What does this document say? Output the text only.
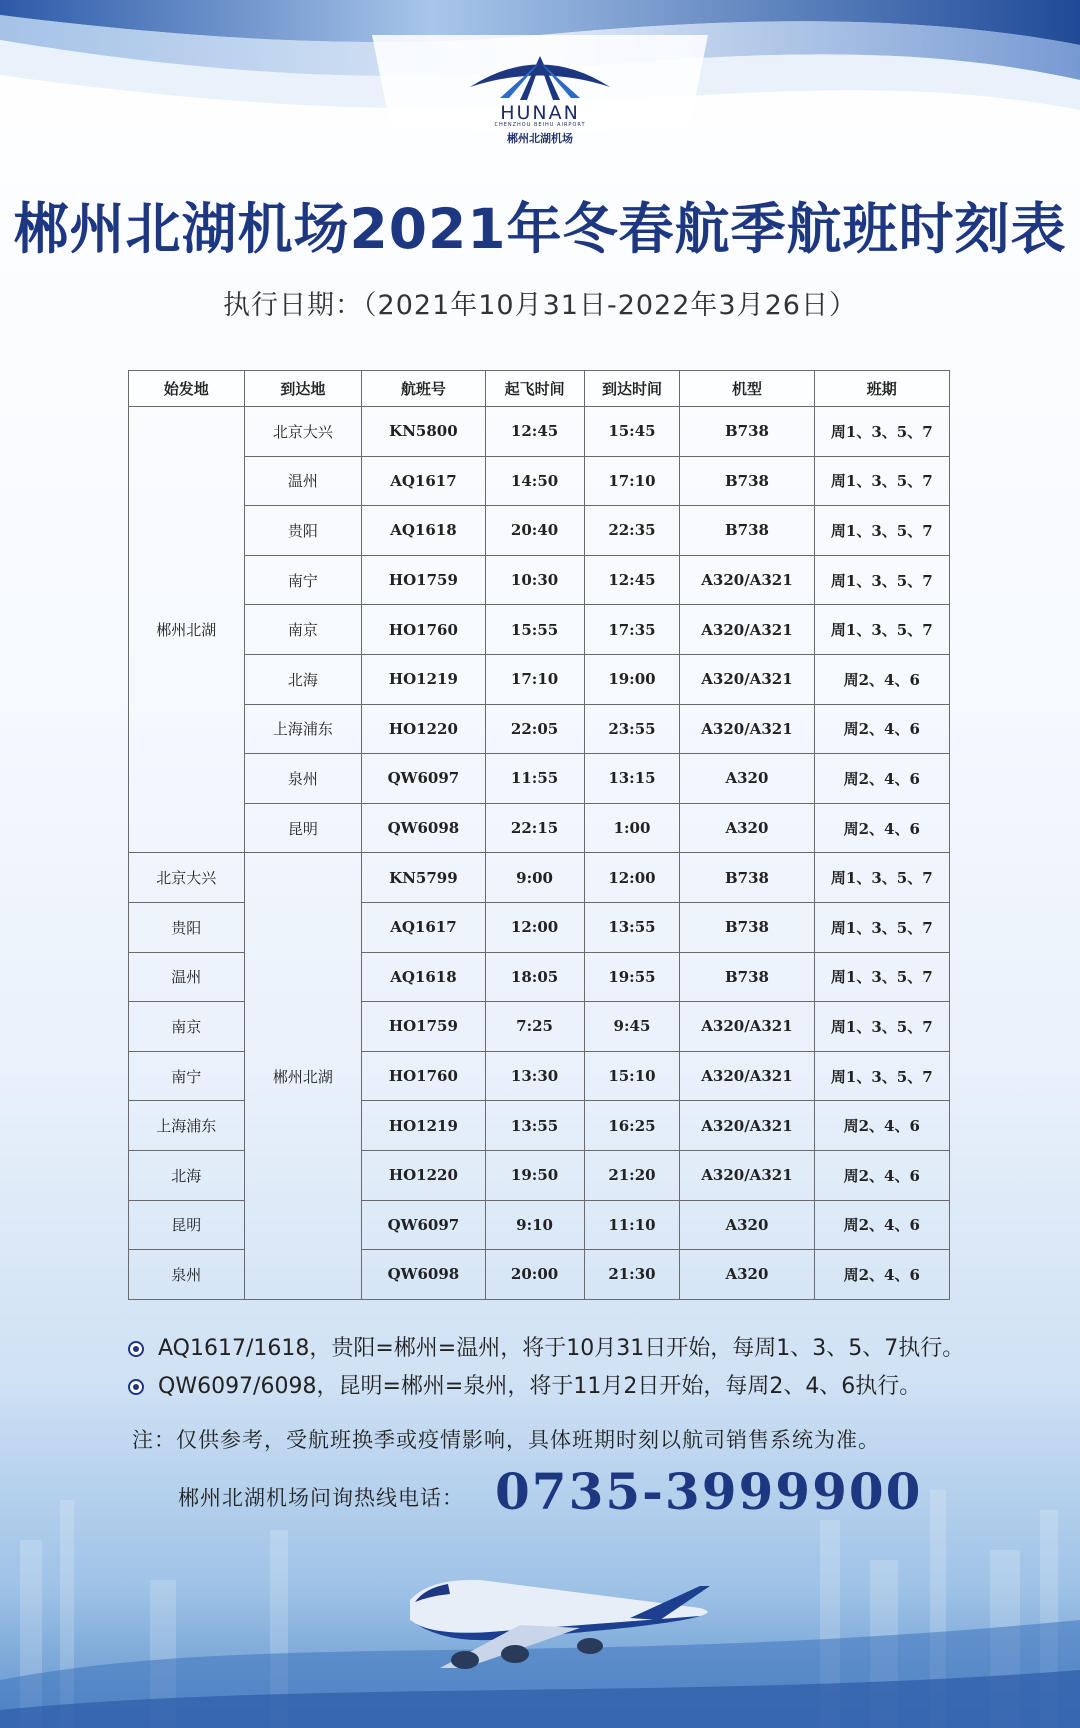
HUNAN
CHENZHOU BEIHU AIRPORT
郴州北湖机场
郴州北湖机场2021年冬春航季航班时刻表
执行日期：（2021年10月31日-2022年3月26日）
始发地	到达地	航班号	起飞时间	到达时间	机型	班期
郴州北湖	北京大兴	KN5800	12:45	15:45	B738	周1、3、5、7
	温州	AQ1617	14:50	17:10	B738	周1、3、5、7
	贵阳	AQ1618	20:40	22:35	B738	周1、3、5、7
	南宁	HO1759	10:30	12:45	A320/A321	周1、3、5、7
	南京	HO1760	15:55	17:35	A320/A321	周1、3、5、7
	北海	HO1219	17:10	19:00	A320/A321	周2、4、6
	上海浦东	HO1220	22:05	23:55	A320/A321	周2、4、6
	泉州	QW6097	11:55	13:15	A320	周2、4、6
	昆明	QW6098	22:15	1:00	A320	周2、4、6
北京大兴	郴州北湖	KN5799	9:00	12:00	B738	周1、3、5、7
贵阳		AQ1617	12:00	13:55	B738	周1、3、5、7
温州		AQ1618	18:05	19:55	B738	周1、3、5、7
南京		HO1759	7:25	9:45	A320/A321	周1、3、5、7
南宁		HO1760	13:30	15:10	A320/A321	周1、3、5、7
上海浦东		HO1219	13:55	16:25	A320/A321	周2、4、6
北海		HO1220	19:50	21:20	A320/A321	周2、4、6
昆明		QW6097	9:10	11:10	A320	周2、4、6
泉州		QW6098	20:00	21:30	A320	周2、4、6
AQ1617/1618，贵阳=郴州=温州，将于10月31日开始，每周1、3、5、7执行。
QW6097/6098，昆明=郴州=泉州，将于11月2日开始，每周2、4、6执行。
注：仅供参考，受航班换季或疫情影响，具体班期时刻以航司销售系统为准。
郴州北湖机场问询热线电话： 0735-3999900
